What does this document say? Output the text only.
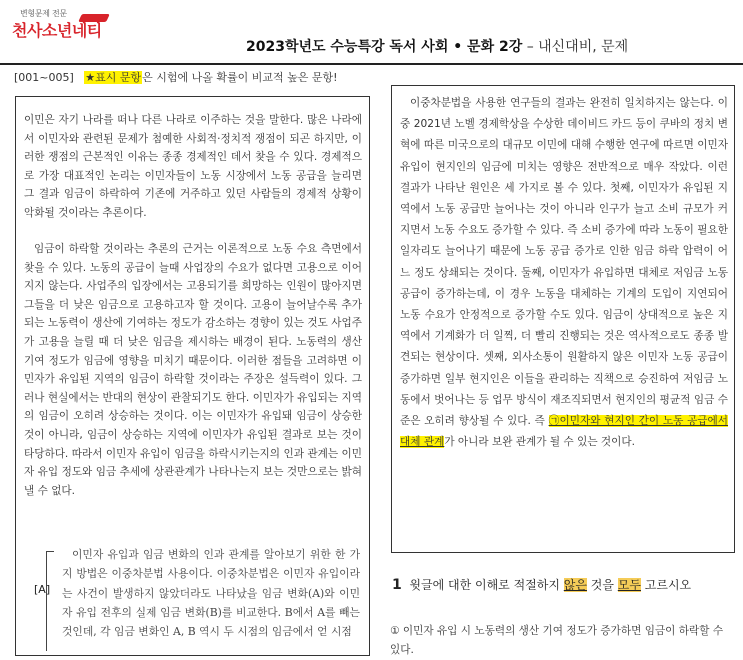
변형문제 전문
천사소년네티
2023학년도 수능특강 독서 사회 • 문화 2강 – 내신대비, 문제
[001~005] ★표시 문항은 시험에 나올 확률이 비교적 높은 문항!
이민은 자기 나라를 떠나 다른 나라로 이주하는 것을 말한다. 많은 나라에서 이민자와 관련된 문제가 첨예한 사회적·정치적 쟁점이 되곤 하지만, 이러한 쟁점의 근본적인 이유는 종종 경제적인 데서 찾을 수 있다. 경제적으로 가장 대표적인 논리는 이민자들이 노동 시장에서 노동 공급을 늘리면 그 결과 임금이 하락하여 기존에 거주하고 있던 사람들의 경제적 상황이 악화될 것이라는 추론이다.
임금이 하락할 것이라는 추론의 근거는 이론적으로 노동 수요 측면에서 찾을 수 있다. 노동의 공급이 늘때 사업장의 수요가 없다면 고용으로 이어지지 않는다. 사업주의 입장에서는 고용되기를 희망하는 인원이 많아지면 그들을 더 낮은 임금으로 고용하고자 할 것이다. 고용이 늘어날수록 추가되는 노동력이 생산에 기여하는 정도가 감소하는 경향이 있는 것도 사업주가 고용을 늘릴 때 더 낮은 임금을 제시하는 배경이 된다. 노동력의 생산 기여 정도가 임금에 영향을 미치기 때문이다. 이러한 점들을 고려하면 이민자가 유입된 지역의 임금이 하락할 것이라는 주장은 설득력이 있다. 그러나 현실에서는 반대의 현상이 관찰되기도 한다. 이민자가 유입되는 지역의 임금이 오히려 상승하는 것이다. 이는 이민자가 유입돼 임금이 상승한 것이 아니라, 임금이 상승하는 지역에 이민자가 유입된 결과로 보는 것이 타당하다. 따라서 이민자 유입이 임금을 하락시키는지의 인과 관계는 이민자 유입 정도와 임금 추세에 상관관계가 나타나는지 보는 것만으로는 밝혀낼 수 없다.
[A]
이민자 유입과 임금 변화의 인과 관계를 알아보기 위한 한 가지 방법은 이중차분법 사용이다. 이중차분법은 이민자 유입이라는 사건이 발생하지 않았더라도 나타났을 임금 변화(A)와 이민자 유입 전후의 실제 임금 변화(B)를 비교한다. B에서 A를 빼는 것인데, 각 임금 변화인 A, B 역시 두 시점의 임금에서 얻 시점
이중차분법을 사용한 연구들의 결과는 완전히 일치하지는 않는다. 이 중 2021년 노벨 경제학상을 수상한 데이비드 카드 등이 쿠바의 정치 변혁에 따른 미국으로의 대규모 이민에 대해 수행한 연구에 따르면 이민자 유입이 현지인의 임금에 미치는 영향은 전반적으로 매우 작았다. 이런 결과가 나타난 원인은 세 가지로 볼 수 있다. 첫째, 이민자가 유입된 지역에서 노동 공급만 늘어나는 것이 아니라 인구가 늘고 소비 규모가 커지면서 노동 수요도 증가할 수 있다. 즉 소비 증가에 따라 노동이 필요한 일자리도 늘어나기 때문에 노동 공급 증가로 인한 임금 하락 압력이 어느 정도 상쇄되는 것이다. 둘째, 이민자가 유입하면 대체로 저임금 노동 공급이 증가하는데, 이 경우 노동을 대체하는 기계의 도입이 지연되어 노동 수요가 안정적으로 증가할 수도 있다. 임금이 상대적으로 높은 지역에서 기계화가 더 일찍, 더 빨리 진행되는 것은 역사적으로도 종종 발견되는 현상이다. 셋째, 외사소통이 원활하지 않은 이민자 노동 공급이 증가하면 일부 현지인은 이들을 관리하는 직책으로 승진하여 저임금 노동에서 벗어나는 등 업무 방식이 재조직되면서 현지인의 평균적 임금 수준은 오히려 향상될 수 있다. 즉 ㉠이민자와 현지인 간이 노동 공급에서 대체 관계가 아니라 보완 관계가 될 수 있는 것이다.
1 윗글에 대한 이해로 적절하지 않은 것을 모두 고르시오
① 이민자 유입 시 노동력의 생산 기여 정도가 증가하면 임금이 하락할 수 있다.
